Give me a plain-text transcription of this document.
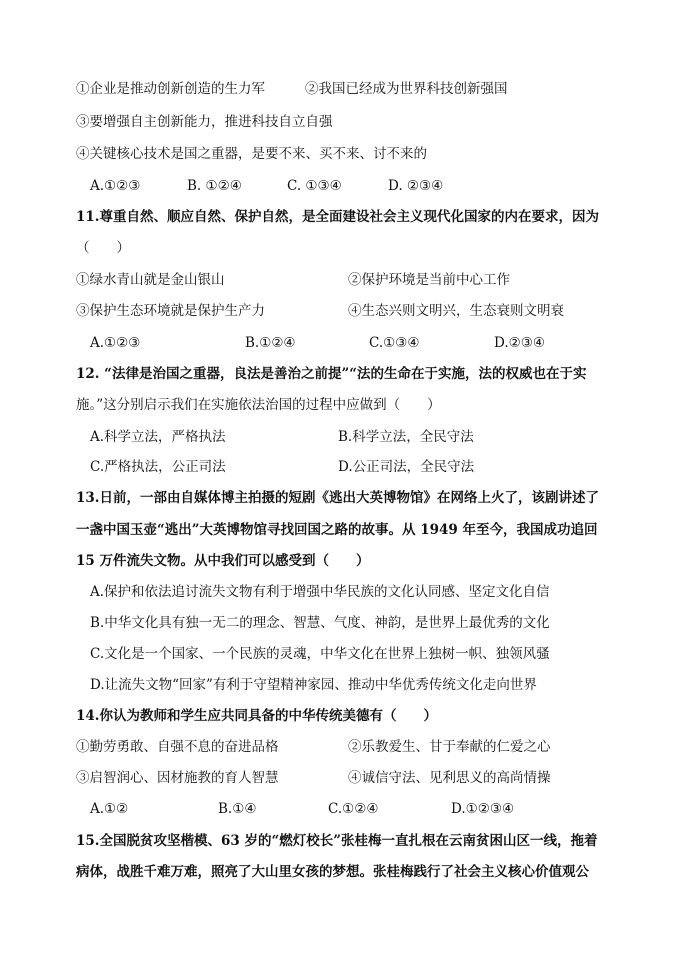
①企业是推动创新创造的生力军	②我国已经成为世界科技创新强国
③要增强自主创新能力，推进科技自立自强
④关键核心技术是国之重器，是要不来、买不来、讨不来的
A.①②③	B. ①②④	C. ①③④	D. ②③④
11.尊重自然、顺应自然、保护自然，是全面建设社会主义现代化国家的内在要求，因为
（　　）
①绿水青山就是金山银山	②保护环境是当前中心工作
③保护生态环境就是保护生产力	④生态兴则文明兴，生态衰则文明衰
A.①②③	B.①②④	C.①③④	D.②③④
12. “法律是治国之重器，良法是善治之前提”“法的生命在于实施，法的权威也在于实
施。”这分别启示我们在实施依法治国的过程中应做到（　　）
A.科学立法，严格执法	B.科学立法，全民守法
C.严格执法，公正司法	D.公正司法，全民守法
13.日前，一部由自媒体博主拍摄的短剧《逃出大英博物馆》在网络上火了，该剧讲述了
一盏中国玉壶“逃出”大英博物馆寻找回国之路的故事。从 1949 年至今，我国成功追回
15 万件流失文物。从中我们可以感受到（　　）
A.保护和依法追讨流失文物有利于增强中华民族的文化认同感、坚定文化自信
B.中华文化具有独一无二的理念、智慧、气度、神韵，是世界上最优秀的文化
C.文化是一个国家、一个民族的灵魂，中华文化在世界上独树一帜、独领风骚
D.让流失文物“回家”有利于守望精神家园、推动中华优秀传统文化走向世界
14.你认为教师和学生应共同具备的中华传统美德有（　　）
①勤劳勇敢、自强不息的奋进品格	②乐教爱生、甘于奉献的仁爱之心
③启智润心、因材施教的育人智慧	④诚信守法、见利思义的高尚情操
A.①②	B.①④	C.①②④	D.①②③④
15.全国脱贫攻坚楷模、63 岁的“燃灯校长”张桂梅一直扎根在云南贫困山区一线，拖着
病体，战胜千难万难，照亮了大山里女孩的梦想。张桂梅践行了社会主义核心价值观公
